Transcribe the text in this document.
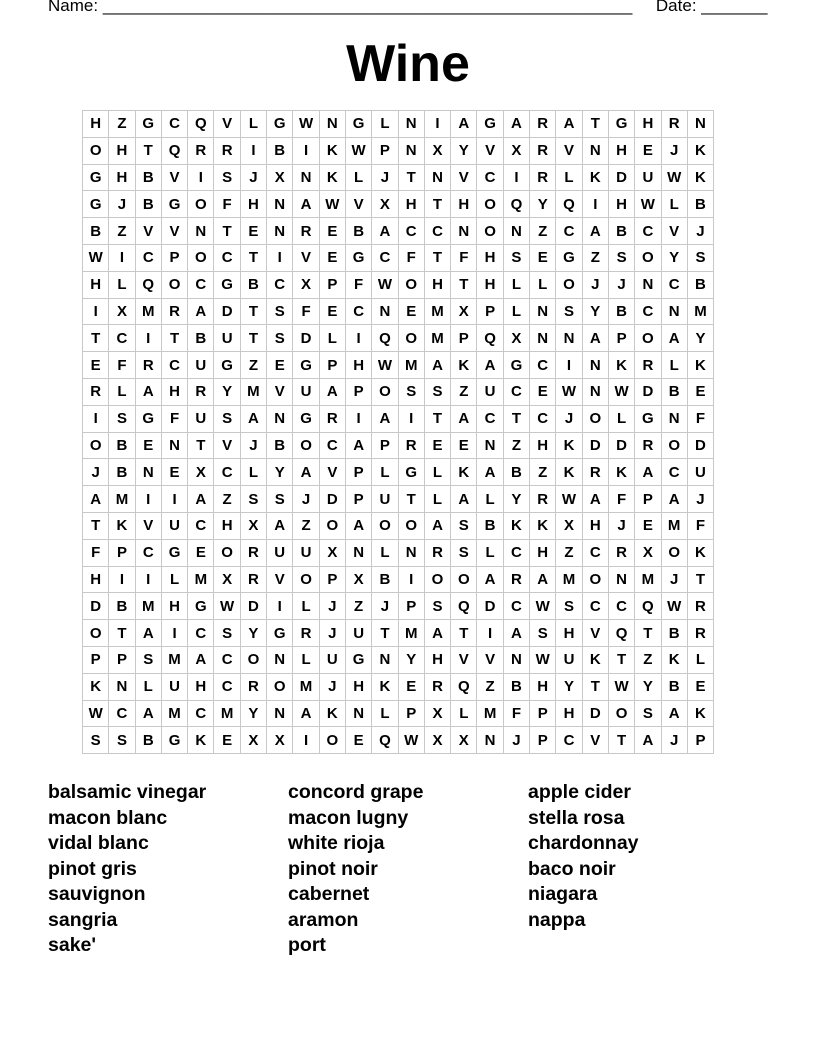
Name: ________________________________________________________ Date: _______
Wine
H	Z	G	C	Q	V	L	G	W	N	G	L	N	I	A	G	A	R	A	T	G	H	R	N
O	H	T	Q	R	R	I	B	I	K	W	P	N	X	Y	V	X	R	V	N	H	E	J	K
G	H	B	V	I	S	J	X	N	K	L	J	T	N	V	C	I	R	L	K	D	U	W	K
G	J	B	G	O	F	H	N	A	W	V	X	H	T	H	O	Q	Y	Q	I	H	W	L	B
B	Z	V	V	N	T	E	N	R	E	B	A	C	C	N	O	N	Z	C	A	B	C	V	J
W	I	C	P	O	C	T	I	V	E	G	C	F	T	F	H	S	E	G	Z	S	O	Y	S
H	L	Q	O	C	G	B	C	X	P	F	W	O	H	T	H	L	L	O	J	J	N	C	B
I	X	M	R	A	D	T	S	F	E	C	N	E	M	X	P	L	N	S	Y	B	C	N	M
T	C	I	T	B	U	T	S	D	L	I	Q	O	M	P	Q	X	N	N	A	P	O	A	Y
E	F	R	C	U	G	Z	E	G	P	H	W	M	A	K	A	G	C	I	N	K	R	L	K
R	L	A	H	R	Y	M	V	U	A	P	O	S	S	Z	U	C	E	W	N	W	D	B	E
I	S	G	F	U	S	A	N	G	R	I	A	I	T	A	C	T	C	J	O	L	G	N	F
O	B	E	N	T	V	J	B	O	C	A	P	R	E	E	N	Z	H	K	D	D	R	O	D
J	B	N	E	X	C	L	Y	A	V	P	L	G	L	K	A	B	Z	K	R	K	A	C	U
A	M	I	I	A	Z	S	S	J	D	P	U	T	L	A	L	Y	R	W	A	F	P	A	J
T	K	V	U	C	H	X	A	Z	O	A	O	O	A	S	B	K	K	X	H	J	E	M	F
F	P	C	G	E	O	R	U	U	X	N	L	N	R	S	L	C	H	Z	C	R	X	O	K
H	I	I	L	M	X	R	V	O	P	X	B	I	O	O	A	R	A	M	O	N	M	J	T
D	B	M	H	G	W	D	I	L	J	Z	J	P	S	Q	D	C	W	S	C	C	Q	W	R
O	T	A	I	C	S	Y	G	R	J	U	T	M	A	T	I	A	S	H	V	Q	T	B	R
P	P	S	M	A	C	O	N	L	U	G	N	Y	H	V	V	N	W	U	K	T	Z	K	L
K	N	L	U	H	C	R	O	M	J	H	K	E	R	Q	Z	B	H	Y	T	W	Y	B	E
W	C	A	M	C	M	Y	N	A	K	N	L	P	X	L	M	F	P	H	D	O	S	A	K
S	S	B	G	K	E	X	X	I	O	E	Q	W	X	X	N	J	P	C	V	T	A	J	P
balsamic vinegar
macon blanc
vidal blanc
pinot gris
sauvignon
sangria
sake'
concord grape
macon lugny
white rioja
pinot noir
cabernet
aramon
port
apple cider
stella rosa
chardonnay
baco noir
niagara
nappa
